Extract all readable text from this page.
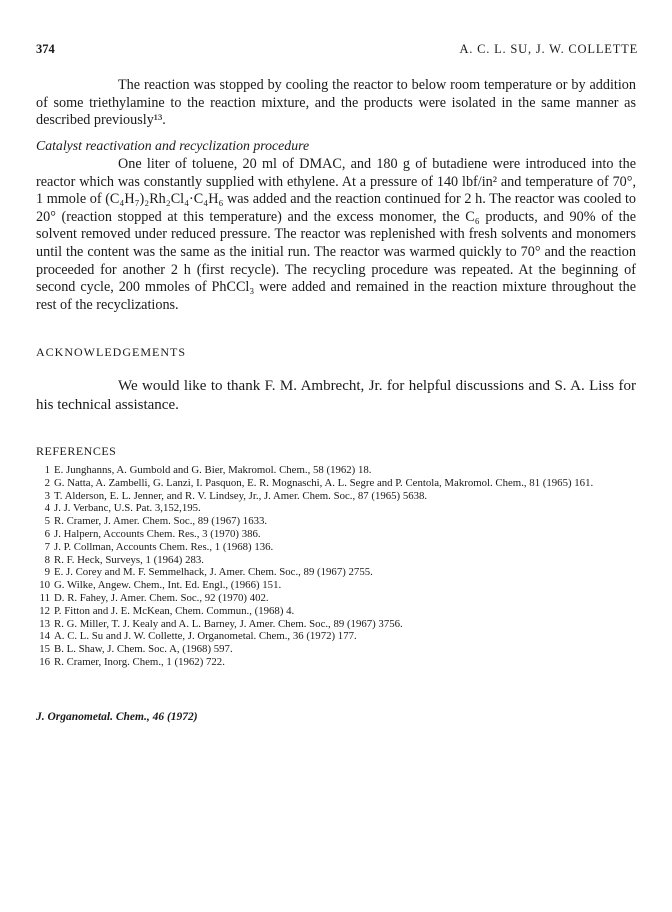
374	A. C. L. SU, J. W. COLLETTE
The reaction was stopped by cooling the reactor to below room temperature or by addition of some triethylamine to the reaction mixture, and the products were isolated in the same manner as described previously¹³.
Catalyst reactivation and recyclization procedure
One liter of toluene, 20 ml of DMAC, and 180 g of butadiene were introduced into the reactor which was constantly supplied with ethylene. At a pressure of 140 lbf/in² and temperature of 70°, 1 mmole of (C₄H₇)₂Rh₂Cl₄·C₄H₆ was added and the reaction continued for 2 h. The reactor was cooled to 20° (reaction stopped at this temperature) and the excess monomer, the C₆ products, and 90% of the solvent removed under reduced pressure. The reactor was replenished with fresh solvents and monomers until the content was the same as the initial run. The reactor was warmed quickly to 70° and the reaction proceeded for another 2 h (first recycle). The recycling procedure was repeated. At the beginning of second cycle, 200 mmoles of PhCCl₃ were added and remained in the reaction mixture throughout the rest of the recyclizations.
ACKNOWLEDGEMENTS
We would like to thank F. M. Ambrecht, Jr. for helpful discussions and S. A. Liss for his technical assistance.
REFERENCES
1 E. Junghanns, A. Gumbold and G. Bier, Makromol. Chem., 58 (1962) 18.
2 G. Natta, A. Zambelli, G. Lanzi, I. Pasquon, E. R. Mognaschi, A. L. Segre and P. Centola, Makromol. Chem., 81 (1965) 161.
3 T. Alderson, E. L. Jenner, and R. V. Lindsey, Jr., J. Amer. Chem. Soc., 87 (1965) 5638.
4 J. J. Verbanc, U.S. Pat. 3,152,195.
5 R. Cramer, J. Amer. Chem. Soc., 89 (1967) 1633.
6 J. Halpern, Accounts Chem. Res., 3 (1970) 386.
7 J. P. Collman, Accounts Chem. Res., 1 (1968) 136.
8 R. F. Heck, Surveys, 1 (1964) 283.
9 E. J. Corey and M. F. Semmelhack, J. Amer. Chem. Soc., 89 (1967) 2755.
10 G. Wilke, Angew. Chem., Int. Ed. Engl., (1966) 151.
11 D. R. Fahey, J. Amer. Chem. Soc., 92 (1970) 402.
12 P. Fitton and J. E. McKean, Chem. Commun., (1968) 4.
13 R. G. Miller, T. J. Kealy and A. L. Barney, J. Amer. Chem. Soc., 89 (1967) 3756.
14 A. C. L. Su and J. W. Collette, J. Organometal. Chem., 36 (1972) 177.
15 B. L. Shaw, J. Chem. Soc. A, (1968) 597.
16 R. Cramer, Inorg. Chem., 1 (1962) 722.
J. Organometal. Chem., 46 (1972)
